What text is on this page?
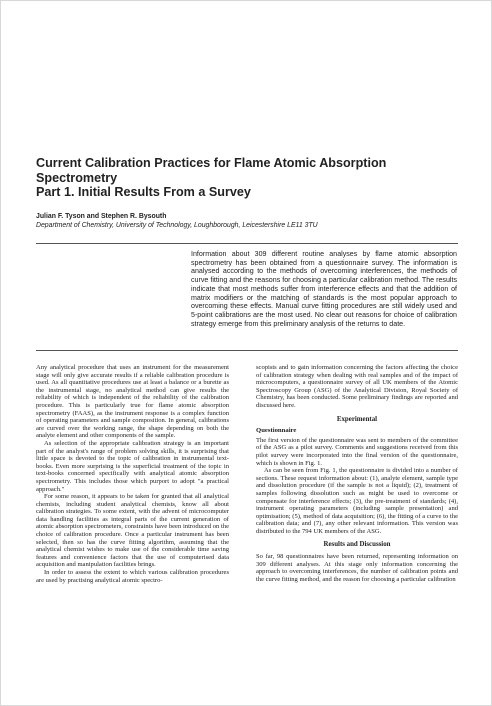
Current Calibration Practices for Flame Atomic Absorption
Spectrometry
Part 1. Initial Results From a Survey
Julian F. Tyson and Stephen R. Bysouth
Department of Chemistry, University of Technology, Loughborough, Leicestershire LE11 3TU
Information about 309 different routine analyses by flame atomic absorption spectrometry has been obtained from a questionnaire survey. The information is analysed according to the methods of overcoming interferences, the methods of curve fitting and the reasons for choosing a particular calibration method. The results indicate that most methods suffer from interference effects and that the addition of matrix modifiers or the matching of standards is the most popular approach to overcoming these effects. Manual curve fitting procedures are still widely used and 5-point calibrations are the most used. No clear out reasons for choice of calibration strategy emerge from this preliminary analysis of the returns to date.

Any analytical procedure that uses an instrument for the measurement stage will only give accurate results if a reliable calibration procedure is used. As all quantitative procedures use at least a balance or a burette as the instrumental stage, no analytical method can give results the reliability of which is independent of the reliability of the calibration procedure. This is particularly true for flame atomic absorption spectrometry (FAAS), as the instrument response is a complex function of operating parameters and sample composition. In general, calibrations are curved over the working range, the shape depending on both the analyte element and other components of the sample.

As selection of the appropriate calibration strategy is an important part of the analyst's range of problem solving skills, it is surprising that little space is devoted to the topic of calibration in instrumental text-books. Even more surprising is the superficial treatment of the topic in text-books concerned specifically with analytical atomic absorption spectrometry. This includes those which purport to adopt "a practical approach."

For some reason, it appears to be taken for granted that all analytical chemists, including student analytical chemists, know all about calibration strategies. To some extent, with the advent of microcomputer data handling facilities as integral parts of the current generation of atomic absorption spectrometers, constraints have been introduced on the choice of calibration procedure. Once a particular instrument has been selected, then so has the curve fitting algorithm, assuming that the analytical chemist wishes to make use of the considerable time saving features and convenience factors that the use of computerised data acquisition and manipulation facilities brings.

In order to assess the extent to which various calibration procedures are used by practising analytical atomic spectro-

scopists and to gain information concerning the factors affecting the choice of calibration strategy when dealing with real samples and of the impact of microcomputers, a questionnaire survey of all UK members of the Atomic Spectroscopy Group (ASG) of the Analytical Division, Royal Society of Chemistry, has been conducted. Some preliminary findings are reported and discussed here.

Experimental
Questionnaire

The first version of the questionnaire was sent to members of the committee of the ASG as a pilot survey. Comments and suggestions received from this pilot survey were incorporated into the final version of the questionnaire, which is shown in Fig. 1.

As can be seen from Fig. 1, the questionnaire is divided into a number of sections. These request information about: (1), analyte element, sample type and dissolution procedure (if the sample is not a liquid); (2), treatment of samples following dissolution such as might be used to overcome or compensate for interference effects; (3), the pre-treatment of standards; (4), instrument operating parameters (including sample presentation) and optimisation; (5), method of data acquisition; (6), the fitting of a curve to the calibration data; and (7), any other relevant information. This version was distributed to the 794 UK members of the ASG.

Results and Discussion

So far, 98 questionnaires have been returned, representing information on 309 different analyses. At this stage only information concerning the approach to overcoming interferences, the number of calibration points and the curve fitting method, and the reason for choosing a particular calibration
